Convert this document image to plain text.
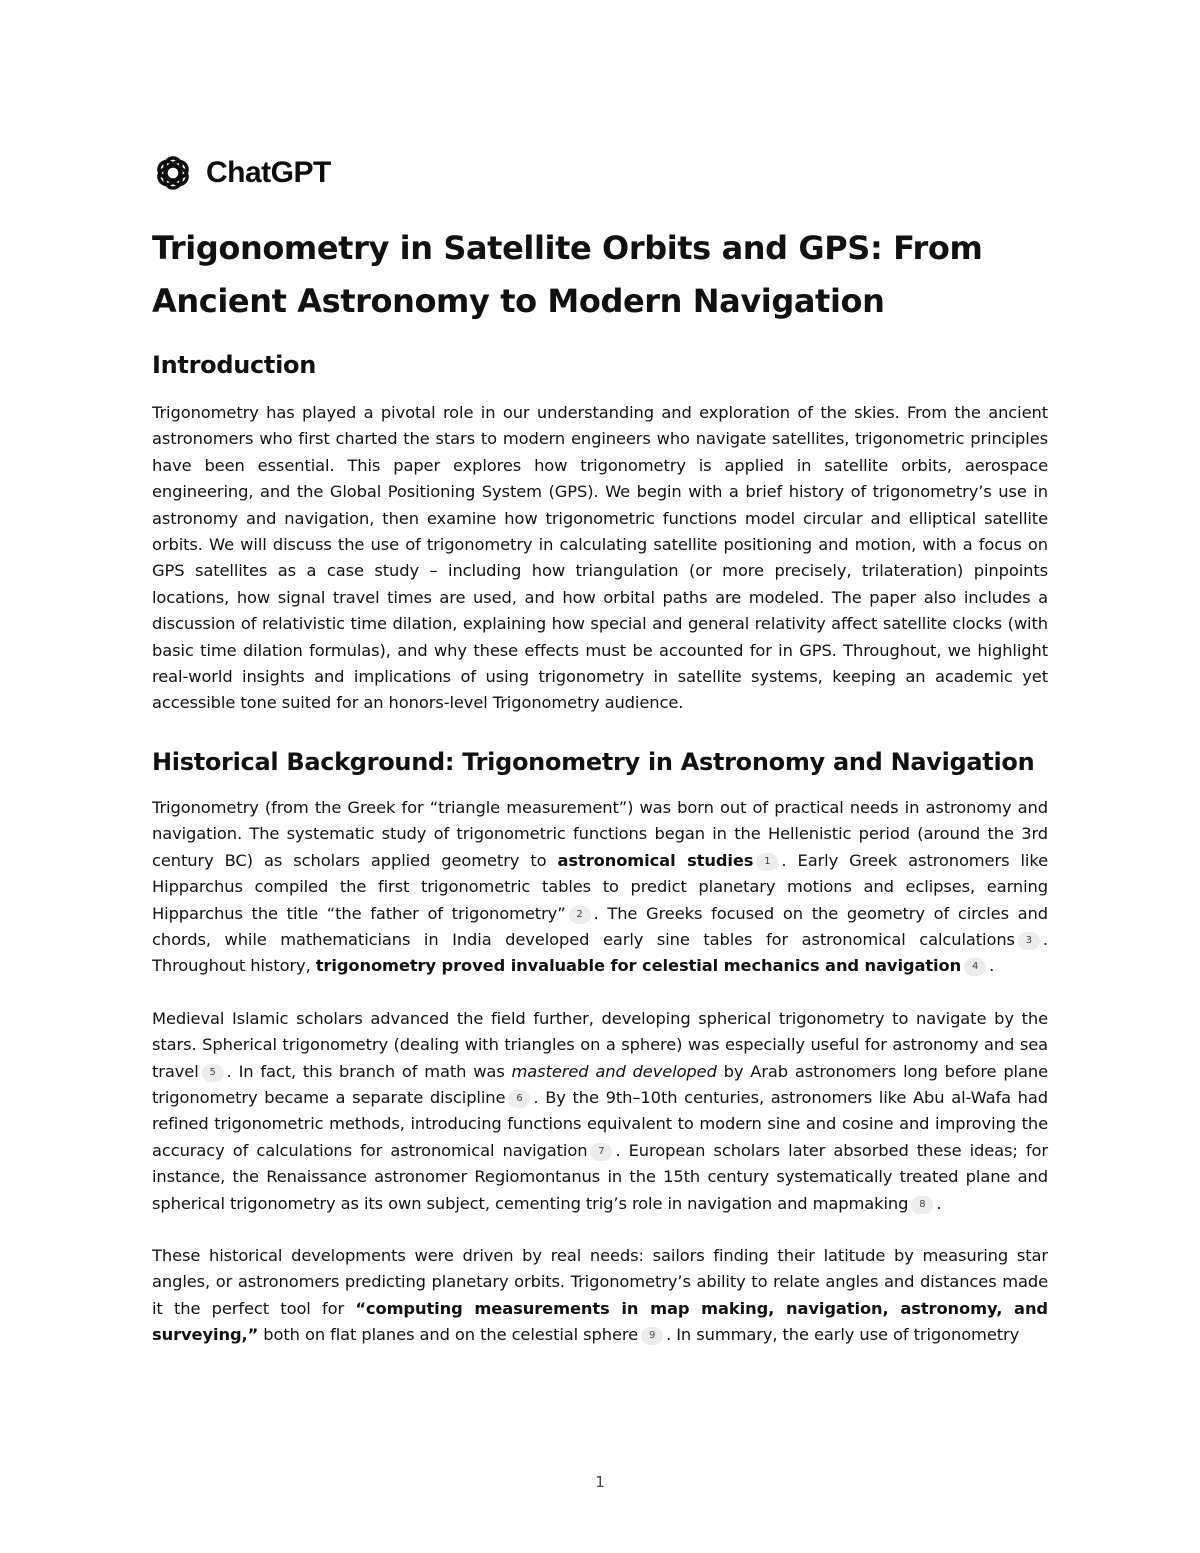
ChatGPT
Trigonometry in Satellite Orbits and GPS: From Ancient Astronomy to Modern Navigation
Introduction

Trigonometry has played a pivotal role in our understanding and exploration of the skies. From the ancient astronomers who first charted the stars to modern engineers who navigate satellites, trigonometric principles have been essential. This paper explores how trigonometry is applied in satellite orbits, aerospace engineering, and the Global Positioning System (GPS). We begin with a brief history of trigonometry’s use in astronomy and navigation, then examine how trigonometric functions model circular and elliptical satellite orbits. We will discuss the use of trigonometry in calculating satellite positioning and motion, with a focus on GPS satellites as a case study – including how triangulation (or more precisely, trilateration) pinpoints locations, how signal travel times are used, and how orbital paths are modeled. The paper also includes a discussion of relativistic time dilation, explaining how special and general relativity affect satellite clocks (with basic time dilation formulas), and why these effects must be accounted for in GPS. Throughout, we highlight real-world insights and implications of using trigonometry in satellite systems, keeping an academic yet accessible tone suited for an honors-level Trigonometry audience.

Historical Background: Trigonometry in Astronomy and Navigation

Trigonometry (from the Greek for “triangle measurement”) was born out of practical needs in astronomy and navigation. The systematic study of trigonometric functions began in the Hellenistic period (around the 3rd century BC) as scholars applied geometry to astronomical studies 1 . Early Greek astronomers like Hipparchus compiled the first trigonometric tables to predict planetary motions and eclipses, earning Hipparchus the title “the father of trigonometry” 2 . The Greeks focused on the geometry of circles and chords, while mathematicians in India developed early sine tables for astronomical calculations 3 . Throughout history, trigonometry proved invaluable for celestial mechanics and navigation 4 .

Medieval Islamic scholars advanced the field further, developing spherical trigonometry to navigate by the stars. Spherical trigonometry (dealing with triangles on a sphere) was especially useful for astronomy and sea travel 5 . In fact, this branch of math was mastered and developed by Arab astronomers long before plane trigonometry became a separate discipline 6 . By the 9th–10th centuries, astronomers like Abu al-Wafa had refined trigonometric methods, introducing functions equivalent to modern sine and cosine and improving the accuracy of calculations for astronomical navigation 7 . European scholars later absorbed these ideas; for instance, the Renaissance astronomer Regiomontanus in the 15th century systematically treated plane and spherical trigonometry as its own subject, cementing trig’s role in navigation and mapmaking 8 .

These historical developments were driven by real needs: sailors finding their latitude by measuring star angles, or astronomers predicting planetary orbits. Trigonometry’s ability to relate angles and distances made it the perfect tool for “computing measurements in map making, navigation, astronomy, and surveying,” both on flat planes and on the celestial sphere 9 . In summary, the early use of trigonometry

1
